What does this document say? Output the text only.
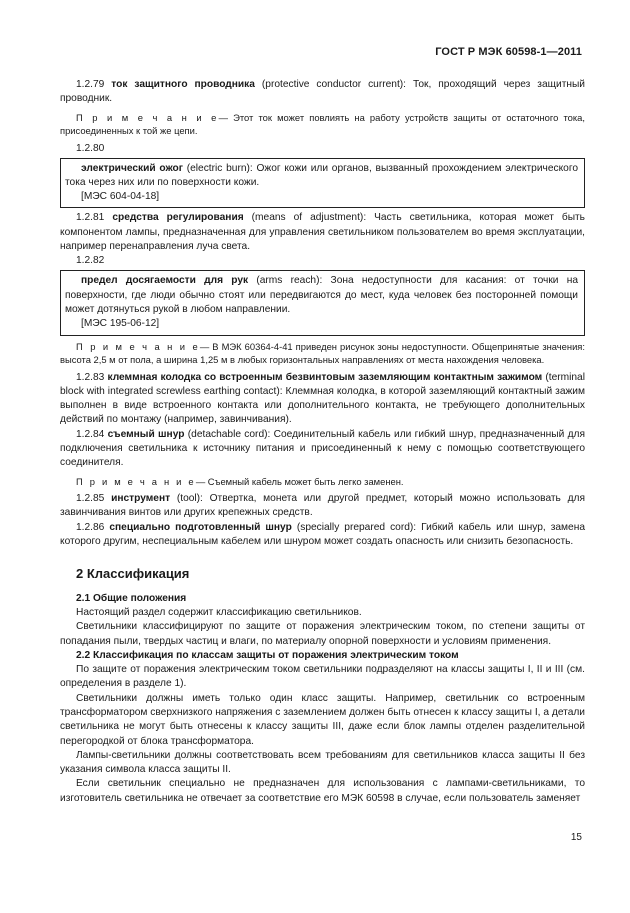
ГОСТ Р МЭК 60598-1—2011

1.2.79 ток защитного проводника (protective conductor current): Ток, проходящий через защитный проводник.

П р и м е ч а н и е— Этот ток может повлиять на работу устройств защиты от остаточного тока, присоединенных к той же цепи.

1.2.80

электрический ожог (electric burn): Ожог кожи или органов, вызванный прохождением электрического тока через них или по поверхности кожи.

[МЭС 604-04-18]

1.2.81 средства регулирования (means of adjustment): Часть светильника, которая может быть компонентом лампы, предназначенная для управления светильником пользователем во время эксплуатации, например перенаправления луча света.

1.2.82

предел досягаемости для рук (arms reach): Зона недоступности для касания: от точки на поверхности, где люди обычно стоят или передвигаются до мест, куда человек без посторонней помощи может дотянуться рукой в любом направлении.

[МЭС 195-06-12]

П р и м е ч а н и е— В МЭК 60364-4-41 приведен рисунок зоны недоступности. Общепринятые значения: высота 2,5 м от пола, а ширина 1,25 м в любых горизонтальных направлениях от места нахождения человека.

1.2.83 клеммная колодка со встроенным безвинтовым заземляющим контактным зажимом (terminal block with integrated screwless earthing contact): Клеммная колодка, в которой заземляющий контактный зажим выполнен в виде встроенного контакта или дополнительного контакта, не требующего дополнительных действий по монтажу (например, завинчивания).

1.2.84 съемный шнур (detachable cord): Соединительный кабель или гибкий шнур, предназначенный для подключения светильника к источнику питания и присоединенный к нему с помощью соответствующего соединителя.

П р и м е ч а н и е— Съемный кабель может быть легко заменен.

1.2.85 инструмент (tool): Отвертка, монета или другой предмет, который можно использовать для завинчивания винтов или других крепежных средств.

1.2.86 специально подготовленный шнур (specially prepared cord): Гибкий кабель или шнур, замена которого другим, неспециальным кабелем или шнуром может создать опасность или снизить безопасность.

2 Классификация

2.1 Общие положения

Настоящий раздел содержит классификацию светильников.

Светильники классифицируют по защите от поражения электрическим током, по степени защиты от попадания пыли, твердых частиц и влаги, по материалу опорной поверхности и условиям применения.

2.2 Классификация по классам защиты от поражения электрическим током

По защите от поражения электрическим током светильники подразделяют на классы защиты I, II и III (см. определения в разделе 1).

Светильники должны иметь только один класс защиты. Например, светильник со встроенным трансформатором сверхнизкого напряжения с заземлением должен быть отнесен к классу защиты I, а детали светильника не могут быть отнесены к классу защиты III, даже если блок лампы отделен разделительной перегородкой от блока трансформатора.

Лампы-светильники должны соответствовать всем требованиям для светильников класса защиты II без указания символа класса защиты II.

Если светильник специально не предназначен для использования с лампами-светильниками, то изготовитель светильника не отвечает за соответствие его МЭК 60598 в случае, если пользователь заменяет

15
